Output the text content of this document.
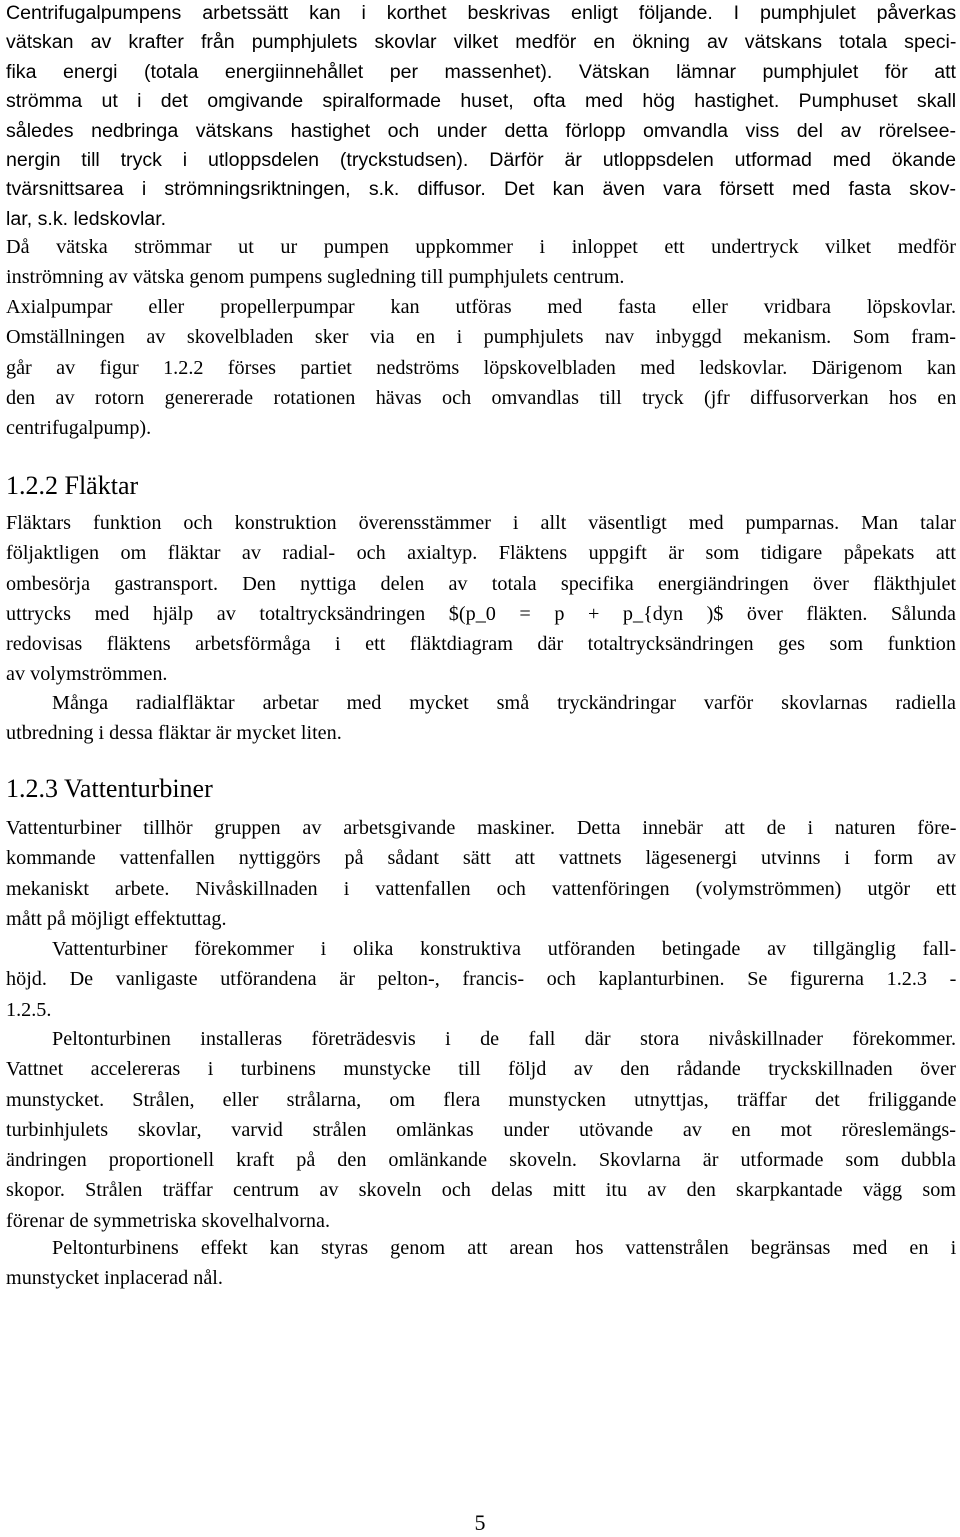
Centrifugalpumpens arbetssätt kan i korthet beskrivas enligt följande. I pumphjulet påverkas
vätskan av krafter från pumphjulets skovlar vilket medför en ökning av vätskans totala speci-
fika energi (totala energiinnehållet per massenhet). Vätskan lämnar pumphjulet för att
strömma ut i det omgivande spiralformade huset, ofta med hög hastighet. Pumphuset skall
således nedbringa vätskans hastighet och under detta förlopp omvandla viss del av rörelsee-
nergin till tryck i utloppsdelen (tryckstudsen). Därför är utloppsdelen utformad med ökande
tvärsnittsarea i strömningsriktningen, s.k. diffusor. Det kan även vara försett med fasta skov-
lar, s.k. ledskovlar.
Då vätska strömmar ut ur pumpen uppkommer i inloppet ett undertryck vilket medför
inströmning av vätska genom pumpens sugledning till pumphjulets centrum.
Axialpumpar eller propellerpumpar kan utföras med fasta eller vridbara löpskovlar.
Omställningen av skovelbladen sker via en i pumphjulets nav inbyggd mekanism. Som fram-
går av figur 1.2.2 förses partiet nedströms löpskovelbladen med ledskovlar. Därigenom kan
den av rotorn genererade rotationen hävas och omvandlas till tryck (jfr diffusorverkan hos en
centrifugalpump).
1.2.2 Fläktar
Fläktars funktion och konstruktion överensstämmer i allt väsentligt med pumparnas. Man talar
följaktligen om fläktar av radial- och axialtyp. Fläktens uppgift är som tidigare påpekats att
ombesörja gastransport. Den nyttiga delen av totala specifika energiändringen över fläkthjulet
uttrycks med hjälp av totaltrycksändringen $(p_0 = p + p_{dyn )$ över fläkten. Sålunda
redovisas fläktens arbetsförmåga i ett fläktdiagram där totaltrycksändringen ges som funktion
av volymströmmen.
Många radialfläktar arbetar med mycket små tryckändringar varför skovlarnas radiella
utbredning i dessa fläktar är mycket liten.
1.2.3 Vattenturbiner
Vattenturbiner tillhör gruppen av arbetsgivande maskiner. Detta innebär att de i naturen före-
kommande vattenfallen nyttiggörs på sådant sätt att vattnets lägesenergi utvinns i form av
mekaniskt arbete. Nivåskillnaden i vattenfallen och vattenföringen (volymströmmen) utgör ett
mått på möjligt effektuttag.
Vattenturbiner förekommer i olika konstruktiva utföranden betingade av tillgänglig fall-
höjd. De vanligaste utförandena är pelton-, francis- och kaplanturbinen. Se figurerna 1.2.3 -
1.2.5.
Peltonturbinen installeras företrädesvis i de fall där stora nivåskillnader förekommer.
Vattnet accelereras i turbinens munstycke till följd av den rådande tryckskillnaden över
munstycket. Strålen, eller strålarna, om flera munstycken utnyttjas, träffar det friliggande
turbinhjulets skovlar, varvid strålen omlänkas under utövande av en mot röreslemängs-
ändringen proportionell kraft på den omlänkande skoveln. Skovlarna är utformade som dubbla
skopor. Strålen träffar centrum av skoveln och delas mitt itu av den skarpkantade vägg som
förenar de symmetriska skovelhalvorna.
Peltonturbinens effekt kan styras genom att arean hos vattenstrålen begränsas med en i
munstycket inplacerad nål.
5
